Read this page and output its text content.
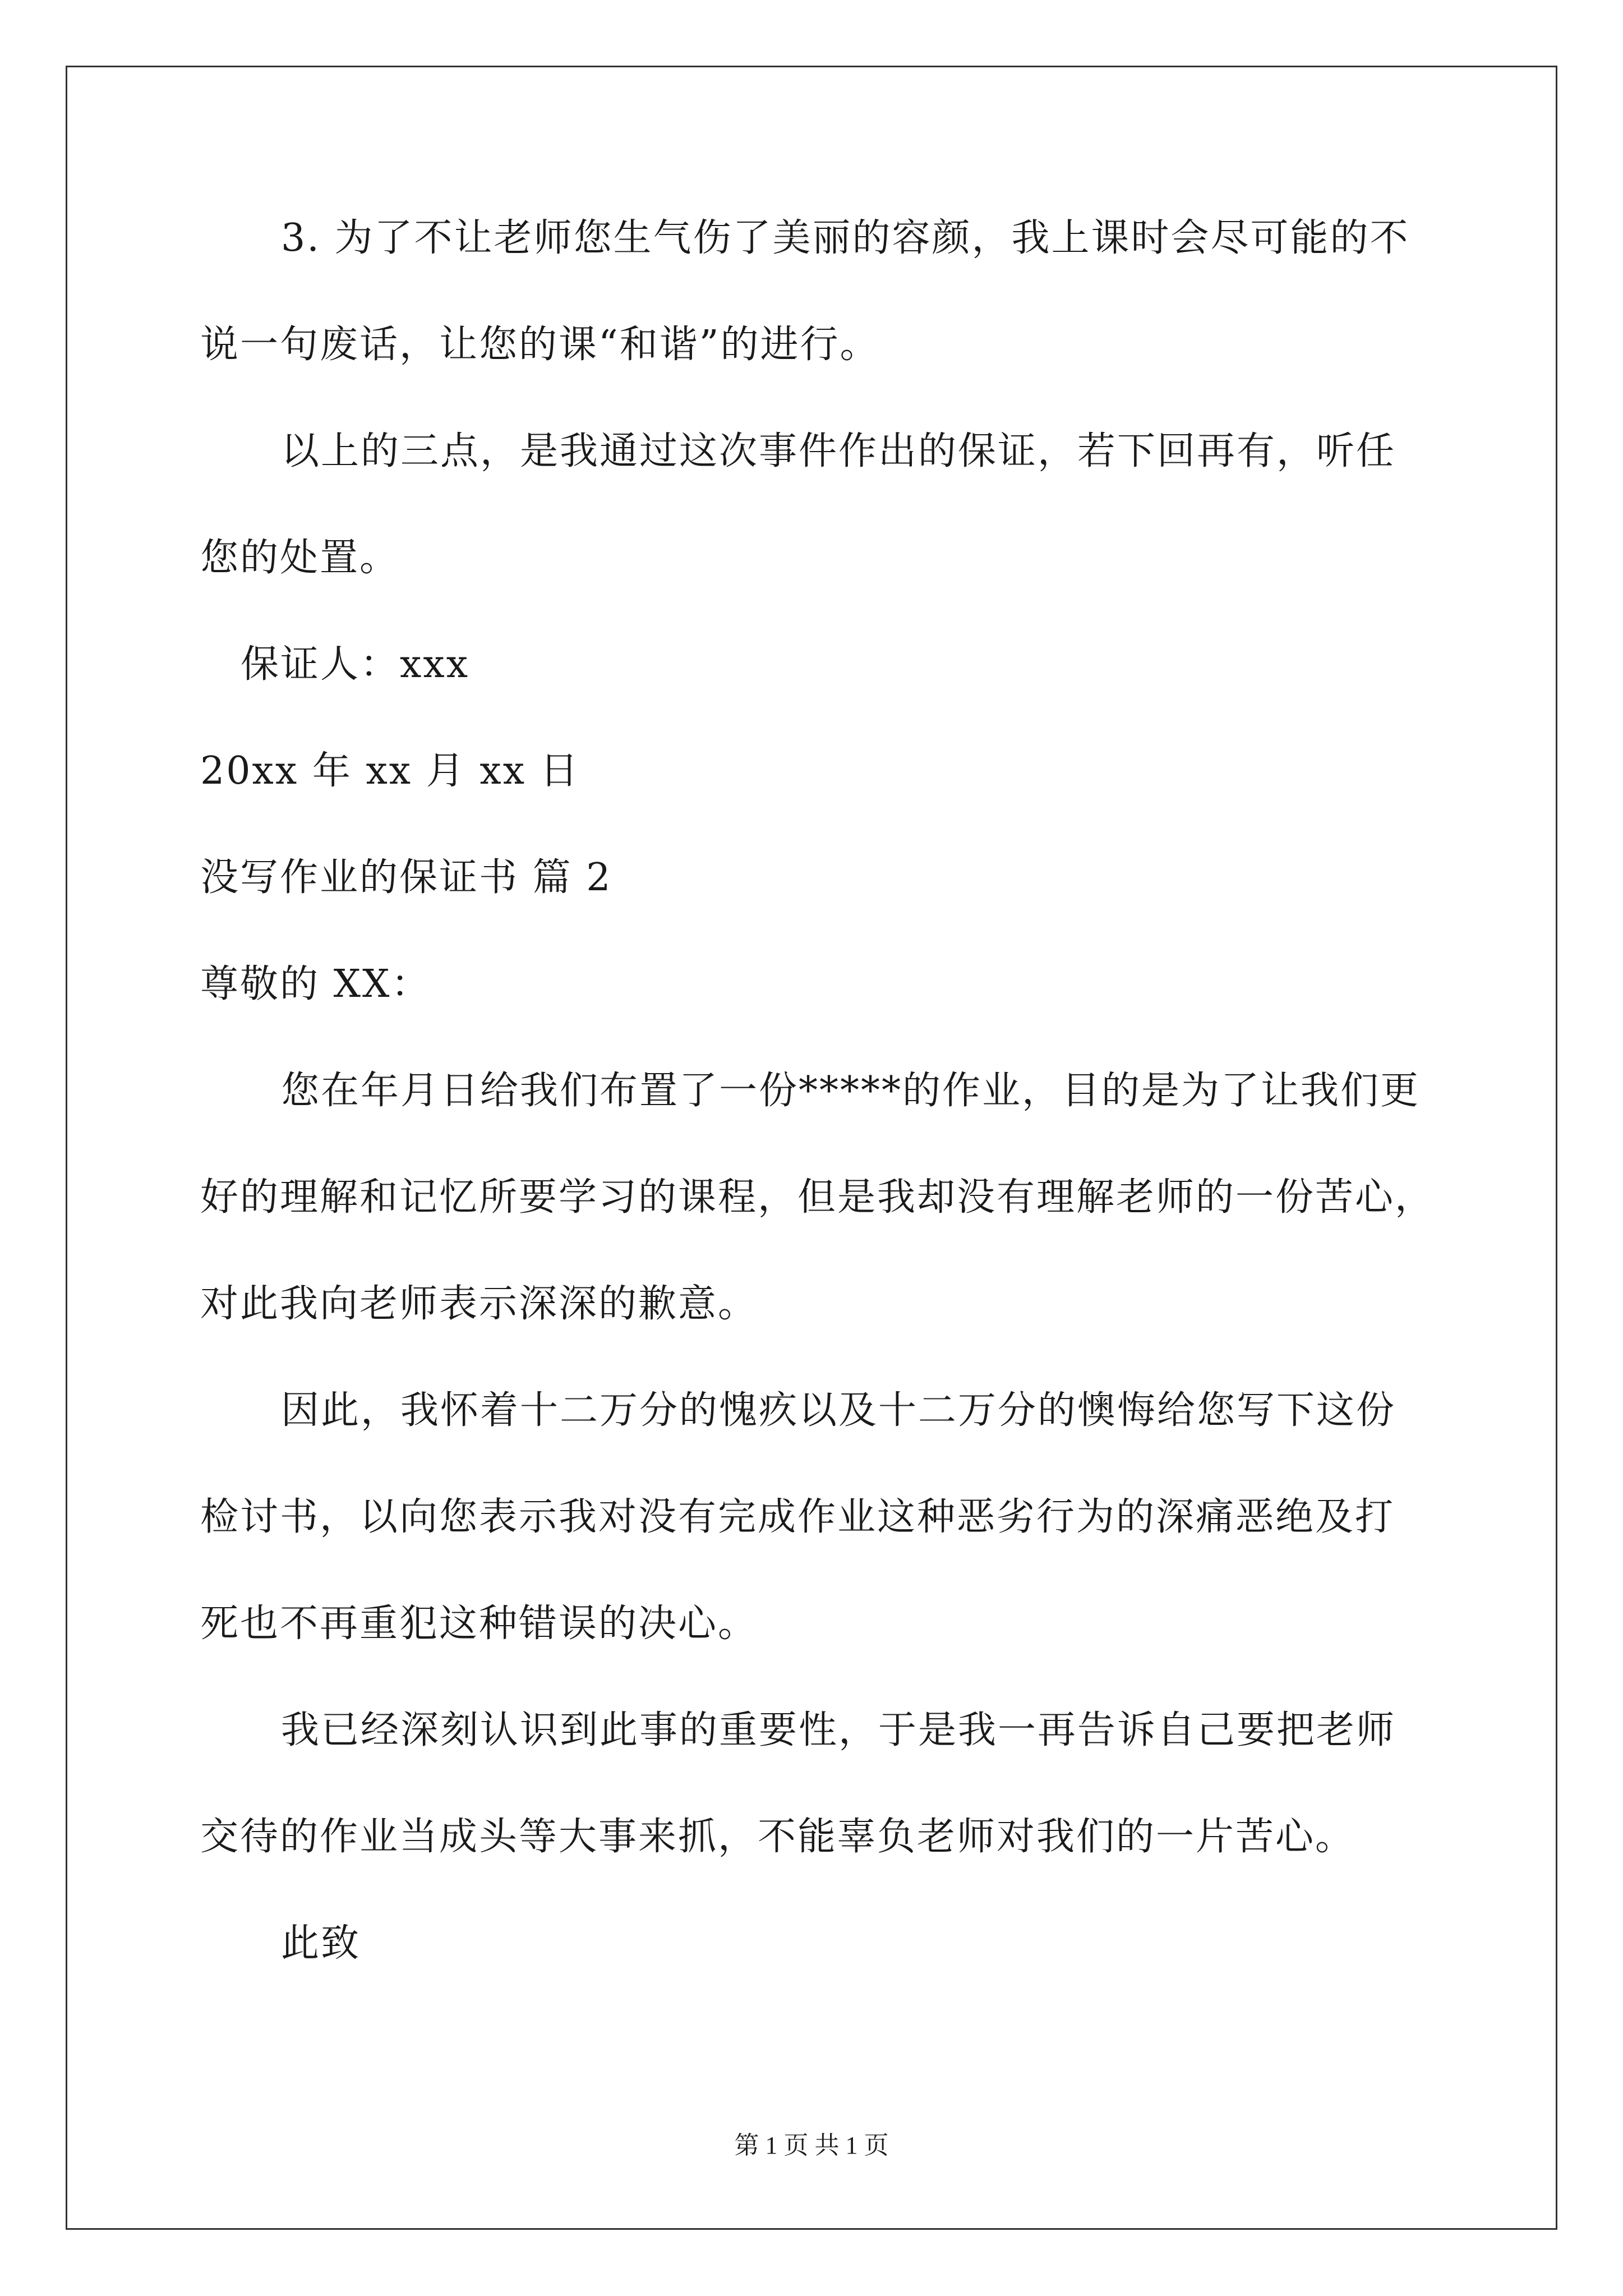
3. 为了不让老师您生气伤了美丽的容颜，我上课时会尽可能的不
说一句废话，让您的课“和谐”的进行。
以上的三点，是我通过这次事件作出的保证，若下回再有，听任
您的处置。
保证人：xxx
20xx 年 xx 月 xx 日
没写作业的保证书 篇 2
尊敬的 XX：
您在年月日给我们布置了一份*****的作业，目的是为了让我们更
好的理解和记忆所要学习的课程，但是我却没有理解老师的一份苦心，
对此我向老师表示深深的歉意。
因此，我怀着十二万分的愧疚以及十二万分的懊悔给您写下这份
检讨书，以向您表示我对没有完成作业这种恶劣行为的深痛恶绝及打
死也不再重犯这种错误的决心。
我已经深刻认识到此事的重要性，于是我一再告诉自己要把老师
交待的作业当成头等大事来抓，不能辜负老师对我们的一片苦心。
此致
第 1 页 共 1 页
